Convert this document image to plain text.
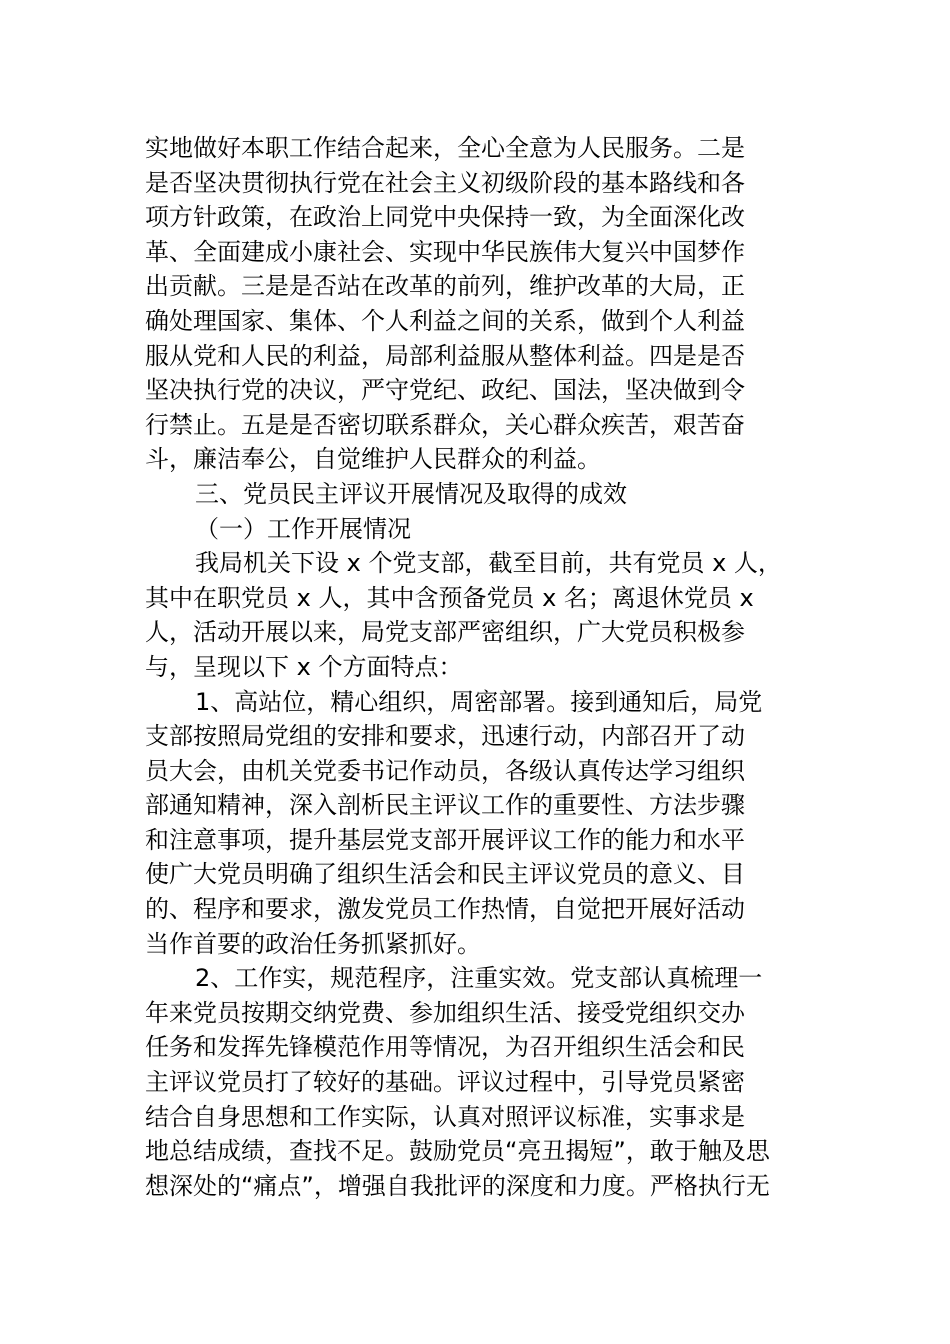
实地做好本职工作结合起来，全心全意为人民服务。二是
是否坚决贯彻执行党在社会主义初级阶段的基本路线和各
项方针政策，在政治上同党中央保持一致，为全面深化改
革、全面建成小康社会、实现中华民族伟大复兴中国梦作
出贡献。三是是否站在改革的前列，维护改革的大局，正
确处理国家、集体、个人利益之间的关系，做到个人利益
服从党和人民的利益，局部利益服从整体利益。四是是否
坚决执行党的决议，严守党纪、政纪、国法，坚决做到令
行禁止。五是是否密切联系群众，关心群众疾苦，艰苦奋
斗，廉洁奉公，自觉维护人民群众的利益。
三、党员民主评议开展情况及取得的成效
（一）工作开展情况
我局机关下设 x 个党支部，截至目前，共有党员 x 人，
其中在职党员 x 人，其中含预备党员 x 名；离退休党员 x
人，活动开展以来，局党支部严密组织，广大党员积极参
与，呈现以下 x 个方面特点：
1、高站位，精心组织，周密部署。接到通知后，局党
支部按照局党组的安排和要求，迅速行动，内部召开了动
员大会，由机关党委书记作动员，各级认真传达学习组织
部通知精神，深入剖析民主评议工作的重要性、方法步骤
和注意事项，提升基层党支部开展评议工作的能力和水平
使广大党员明确了组织生活会和民主评议党员的意义、目
的、程序和要求，激发党员工作热情，自觉把开展好活动
当作首要的政治任务抓紧抓好。
2、工作实，规范程序，注重实效。党支部认真梳理一
年来党员按期交纳党费、参加组织生活、接受党组织交办
任务和发挥先锋模范作用等情况，为召开组织生活会和民
主评议党员打了较好的基础。评议过程中，引导党员紧密
结合自身思想和工作实际，认真对照评议标准，实事求是
地总结成绩，查找不足。鼓励党员“亮丑揭短”，敢于触及思
想深处的“痛点”，增强自我批评的深度和力度。严格执行无
